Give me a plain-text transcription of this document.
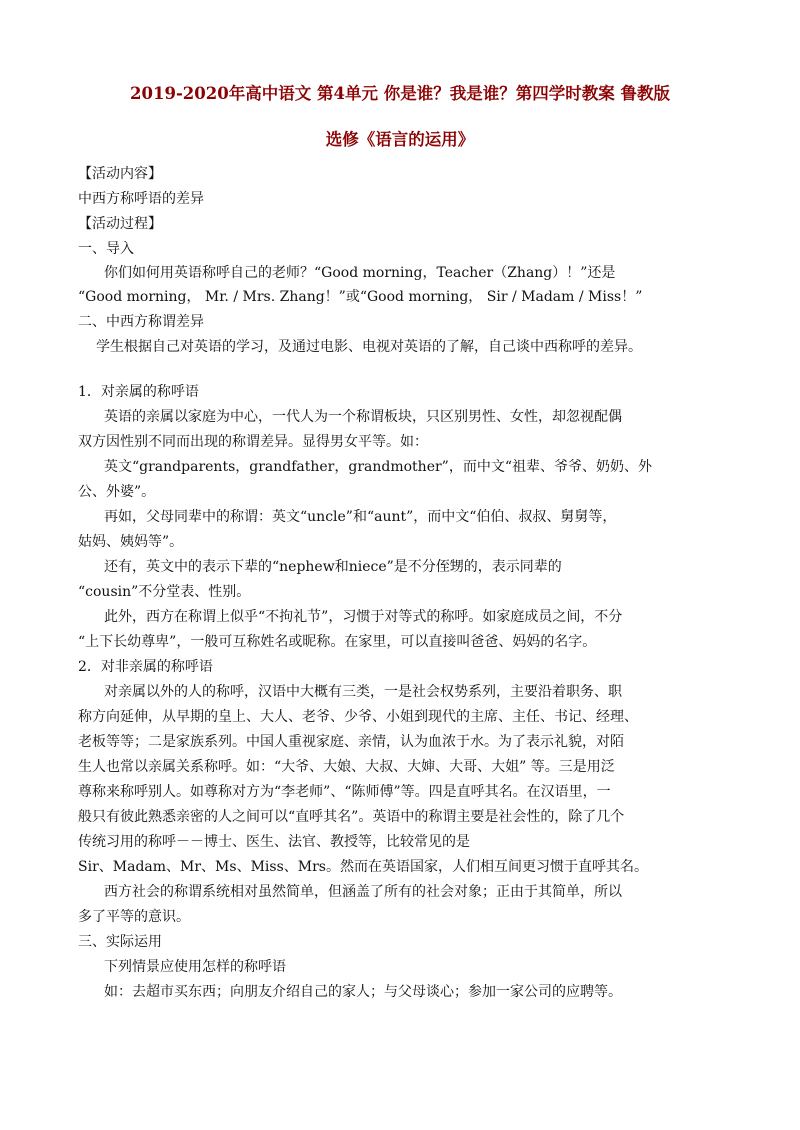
2019-2020年高中语文 第4单元 你是谁？我是谁？第四学时教案 鲁教版
选修《语言的运用》
【活动内容】
中西方称呼语的差异
【活动过程】
一、导入
你们如何用英语称呼自己的老师？“Good morning，Teacher（Zhang）！”还是
“Good morning， Mr. / Mrs. Zhang！”或“Good morning， Sir / Madam / Miss！”
二、中西方称谓差异
学生根据自己对英语的学习，及通过电影、电视对英语的了解，自己谈中西称呼的差异。
1．对亲属的称呼语
英语的亲属以家庭为中心，一代人为一个称谓板块，只区别男性、女性，却忽视配偶
双方因性别不同而出现的称谓差异。显得男女平等。如：
英文“grandparents，grandfather，grandmother”，而中文“祖辈、爷爷、奶奶、外
公、外婆”。
再如，父母同辈中的称谓：英文“uncle”和“aunt”，而中文“伯伯、叔叔、舅舅等，
姑妈、姨妈等”。
还有，英文中的表示下辈的“nephew和niece”是不分侄甥的，表示同辈的
“cousin”不分堂表、性别。
此外，西方在称谓上似乎“不拘礼节”，习惯于对等式的称呼。如家庭成员之间，不分
“上下长幼尊卑”，一般可互称姓名或昵称。在家里，可以直接叫爸爸、妈妈的名字。
2．对非亲属的称呼语
对亲属以外的人的称呼，汉语中大概有三类，一是社会权势系列，主要沿着职务、职
称方向延伸，从早期的皇上、大人、老爷、少爷、小姐到现代的主席、主任、书记、经理、
老板等等；二是家族系列。中国人重视家庭、亲情，认为血浓于水。为了表示礼貌，对陌
生人也常以亲属关系称呼。如：“大爷、大娘、大叔、大婶、大哥、大姐” 等。三是用泛
尊称来称呼别人。如尊称对方为“李老师”、“陈师傅”等。四是直呼其名。在汉语里，一
般只有彼此熟悉亲密的人之间可以“直呼其名”。英语中的称谓主要是社会性的，除了几个
传统习用的称呼－－博士、医生、法官、教授等，比较常见的是
Sir、Madam、Mr、Ms、Miss、Mrs。然而在英语国家，人们相互间更习惯于直呼其名。
西方社会的称谓系统相对虽然简单，但涵盖了所有的社会对象；正由于其简单，所以
多了平等的意识。
三、实际运用
下列情景应使用怎样的称呼语
如：去超市买东西；向朋友介绍自己的家人；与父母谈心；参加一家公司的应聘等。
